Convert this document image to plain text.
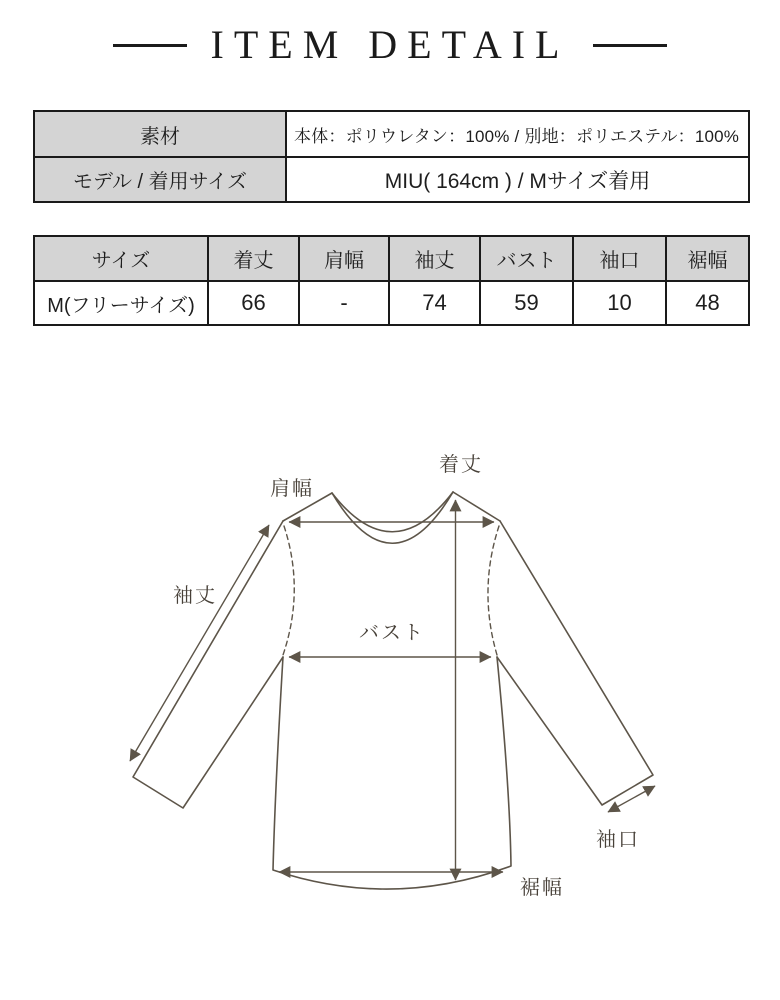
ITEM DETAIL
素材	本体：ポリウレタン：100% / 別地：ポリエステル：100%
モデル / 着用サイズ	MIU( 164cm ) / Mサイズ着用
サイズ	着丈	肩幅	袖丈	バスト	袖口	裾幅
M(フリーサイズ)	66	-	74	59	10	48
着丈
肩幅
袖丈
バスト
袖口
裾幅
